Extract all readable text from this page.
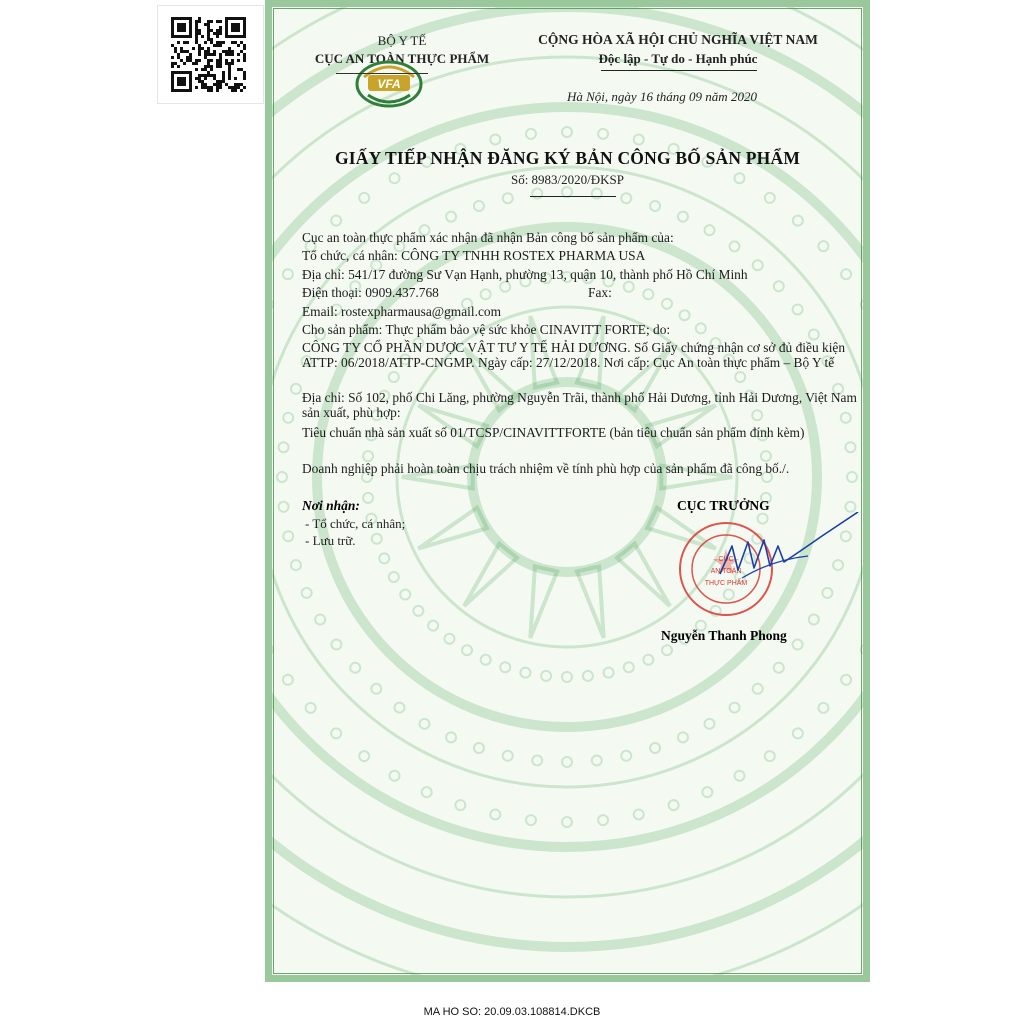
BỘ Y TẾ
CỤC AN TOÀN THỰC PHẨM
VFA
CỘNG HÒA XÃ HỘI CHỦ NGHĨA VIỆT NAM
Độc lập - Tự do - Hạnh phúc
Hà Nội, ngày 16 tháng 09 năm 2020
GIẤY TIẾP NHẬN ĐĂNG KÝ BẢN CÔNG BỐ SẢN PHẨM
Số: 8983/2020/ĐKSP
Cục an toàn thực phẩm xác nhận đã nhận Bản công bố sản phẩm của:
Tổ chức, cá nhân: CÔNG TY TNHH ROSTEX PHARMA USA
Địa chỉ: 541/17 đường Sư Vạn Hạnh, phường 13, quận 10, thành phố Hồ Chí Minh
Điện thoại: 0909.437.768	Fax:
Email: rostexpharmausa@gmail.com
Cho sản phẩm: Thực phẩm bảo vệ sức khỏe CINAVITT FORTE; do:
CÔNG TY CỔ PHẦN DƯỢC VẬT TƯ Y TẾ HẢI DƯƠNG. Số Giấy chứng nhận cơ sở đủ điều kiện ATTP: 06/2018/ATTP-CNGMP. Ngày cấp: 27/12/2018. Nơi cấp: Cục An toàn thực phẩm – Bộ Y tế
Địa chỉ: Số 102, phố Chi Lăng, phường Nguyễn Trãi, thành phố Hải Dương, tỉnh Hải Dương, Việt Nam sản xuất, phù hợp:
Tiêu chuẩn nhà sản xuất số 01/TCSP/CINAVITTFORTE (bản tiêu chuẩn sản phẩm đính kèm)
Doanh nghiệp phải hoàn toàn chịu trách nhiệm về tính phù hợp của sản phẩm đã công bố./.
Nơi nhận:
- Tổ chức, cá nhân;
- Lưu trữ.
CỤC TRƯỞNG
CỤC
AN TOÀN
THỰC PHẨM
Nguyễn Thanh Phong
MA HO SO: 20.09.03.108814.DKCB
